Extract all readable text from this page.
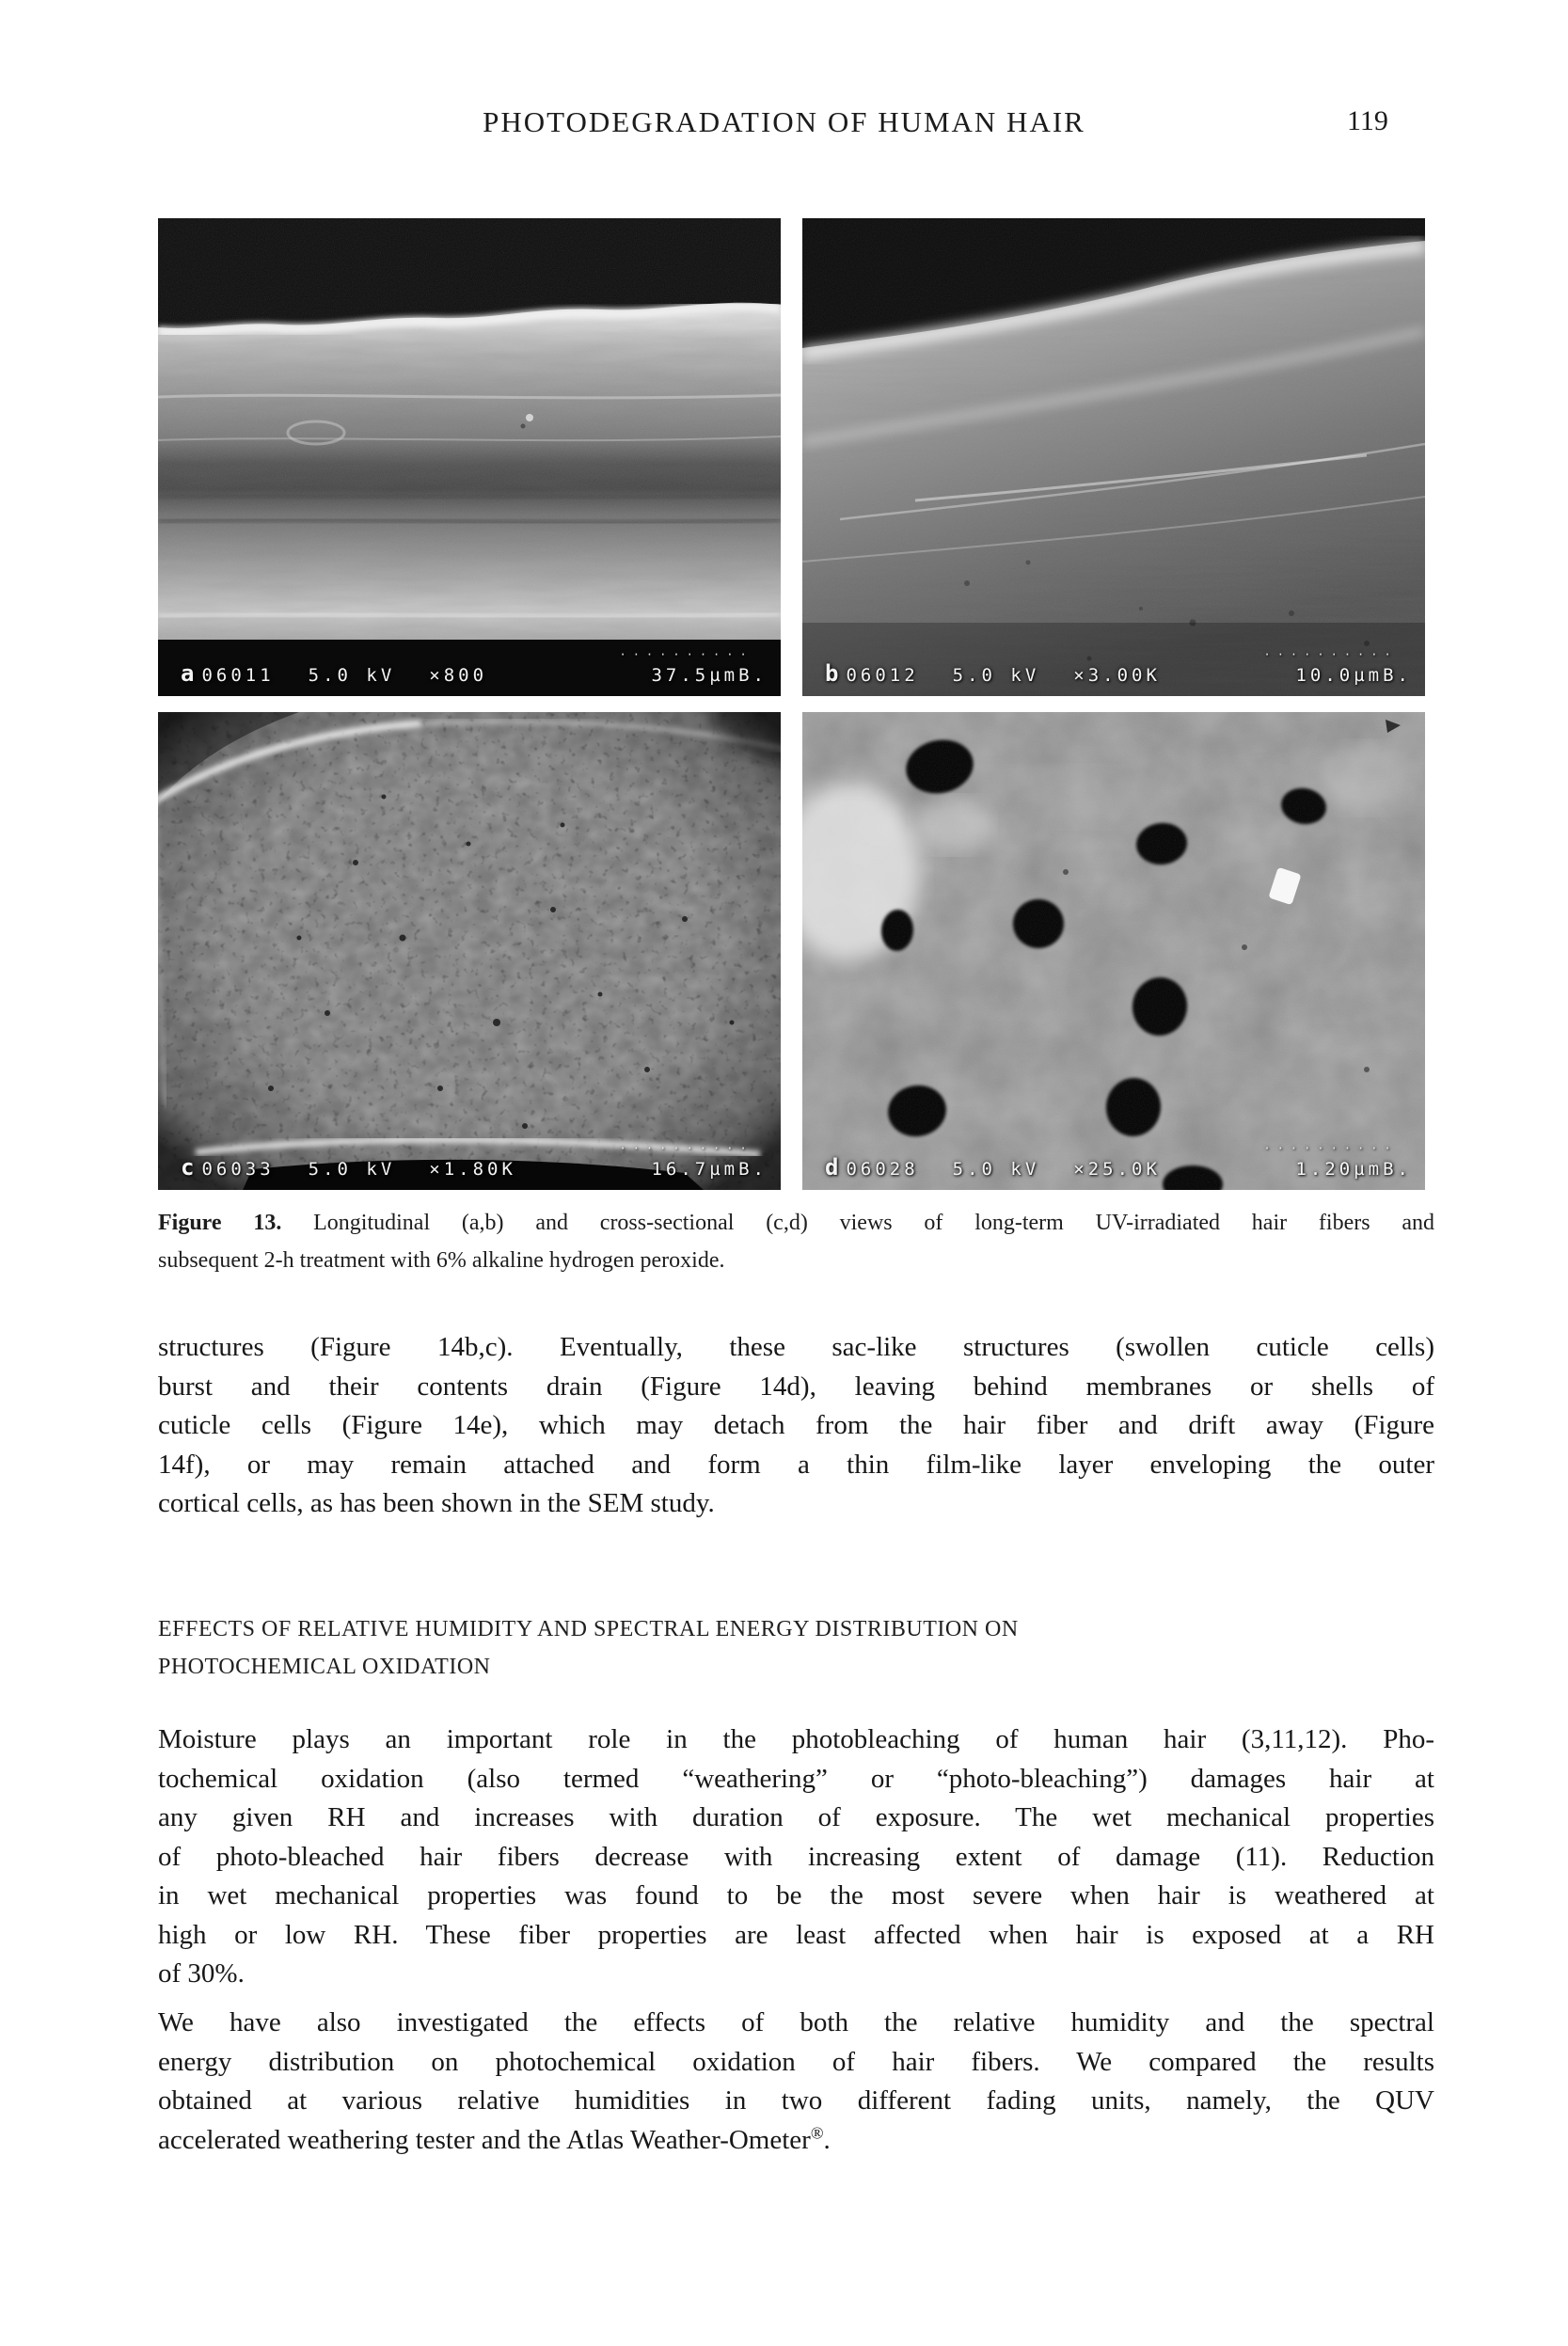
PHOTODEGRADATION OF HUMAN HAIR	119
a 06011 5.0 kV ×800
··········
37.5µmB.	b 06012 5.0 kV ×3.00K
··········
10.0µmB.
c 06033 5.0 kV ×1.80K
··········
16.7µmB.	d 06028 5.0 kV ×25.0K
··········
1.20µmB.
Figure 13. Longitudinal (a,b) and cross-sectional (c,d) views of long-term UV-irradiated hair fibers and
subsequent 2-h treatment with 6% alkaline hydrogen peroxide.
structures (Figure 14b,c). Eventually, these sac-like structures (swollen cuticle cells)
burst and their contents drain (Figure 14d), leaving behind membranes or shells of
cuticle cells (Figure 14e), which may detach from the hair fiber and drift away (Figure
14f), or may remain attached and form a thin film-like layer enveloping the outer
cortical cells, as has been shown in the SEM study.
EFFECTS OF RELATIVE HUMIDITY AND SPECTRAL ENERGY DISTRIBUTION ON
PHOTOCHEMICAL OXIDATION
Moisture plays an important role in the photobleaching of human hair (3,11,12). Pho-
tochemical oxidation (also termed “weathering” or “photo-bleaching”) damages hair at
any given RH and increases with duration of exposure. The wet mechanical properties
of photo-bleached hair fibers decrease with increasing extent of damage (11). Reduction
in wet mechanical properties was found to be the most severe when hair is weathered at
high or low RH. These fiber properties are least affected when hair is exposed at a RH
of 30%.
We have also investigated the effects of both the relative humidity and the spectral
energy distribution on photochemical oxidation of hair fibers. We compared the results
obtained at various relative humidities in two different fading units, namely, the QUV
accelerated weathering tester and the Atlas Weather-Ometer®.
